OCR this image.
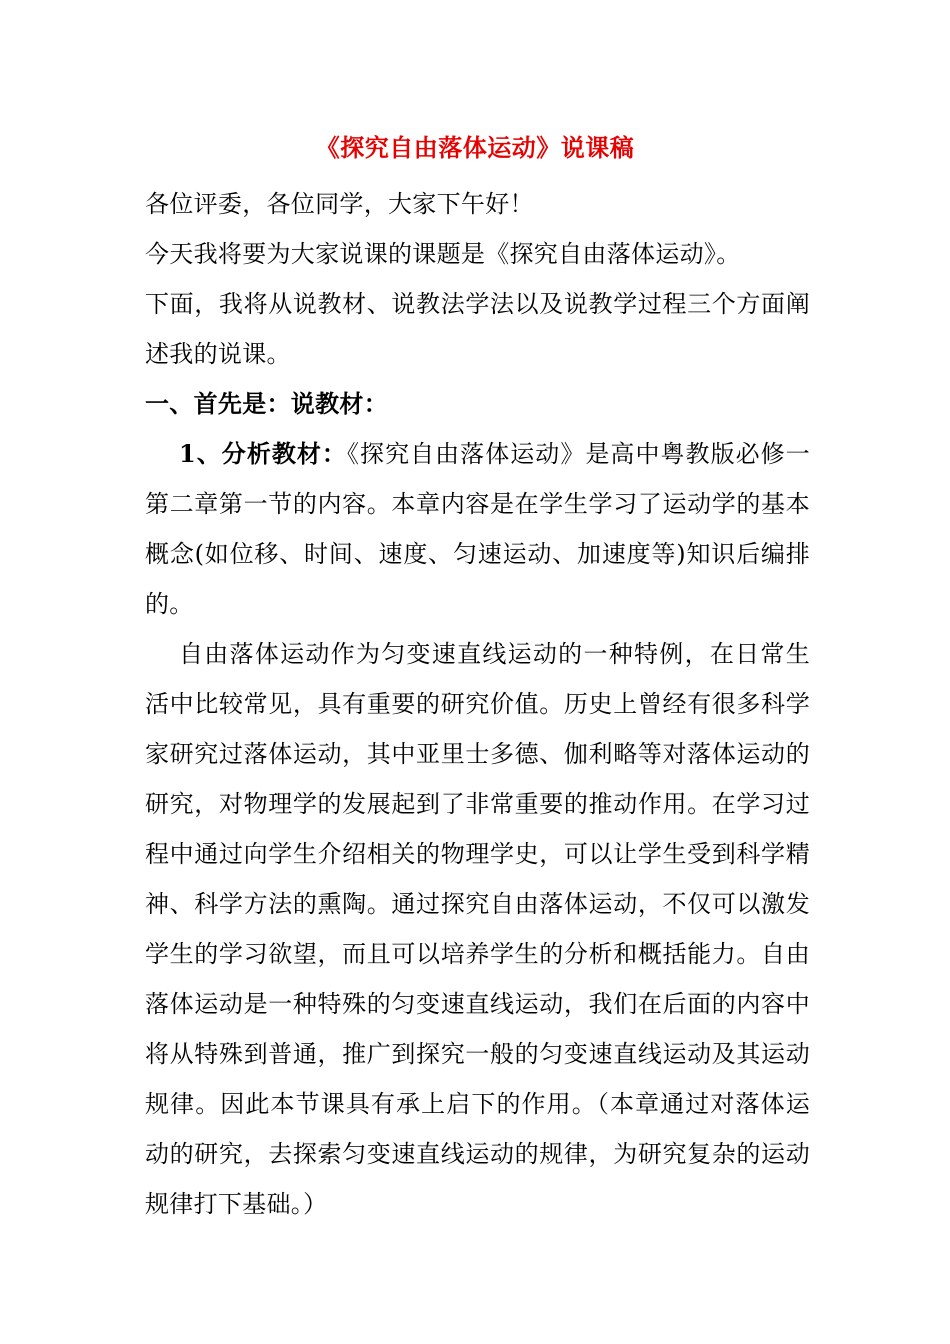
《探究自由落体运动》说课稿

各位评委，各位同学，大家下午好！

今天我将要为大家说课的课题是《探究自由落体运动》。

下面，我将从说教材、说教法学法以及说教学过程三个方面阐述我的说课。

一、首先是：说教材：

1、分析教材：《探究自由落体运动》是高中粤教版必修一第二章第一节的内容。本章内容是在学生学习了运动学的基本概念(如位移、时间、速度、匀速运动、加速度等)知识后编排的。

自由落体运动作为匀变速直线运动的一种特例，在日常生活中比较常见，具有重要的研究价值。历史上曾经有很多科学家研究过落体运动，其中亚里士多德、伽利略等对落体运动的研究，对物理学的发展起到了非常重要的推动作用。在学习过程中通过向学生介绍相关的物理学史，可以让学生受到科学精神、科学方法的熏陶。通过探究自由落体运动，不仅可以激发学生的学习欲望，而且可以培养学生的分析和概括能力。自由落体运动是一种特殊的匀变速直线运动，我们在后面的内容中将从特殊到普通，推广到探究一般的匀变速直线运动及其运动规律。因此本节课具有承上启下的作用。（本章通过对落体运动的研究，去探索匀变速直线运动的规律，为研究复杂的运动规律打下基础。）
